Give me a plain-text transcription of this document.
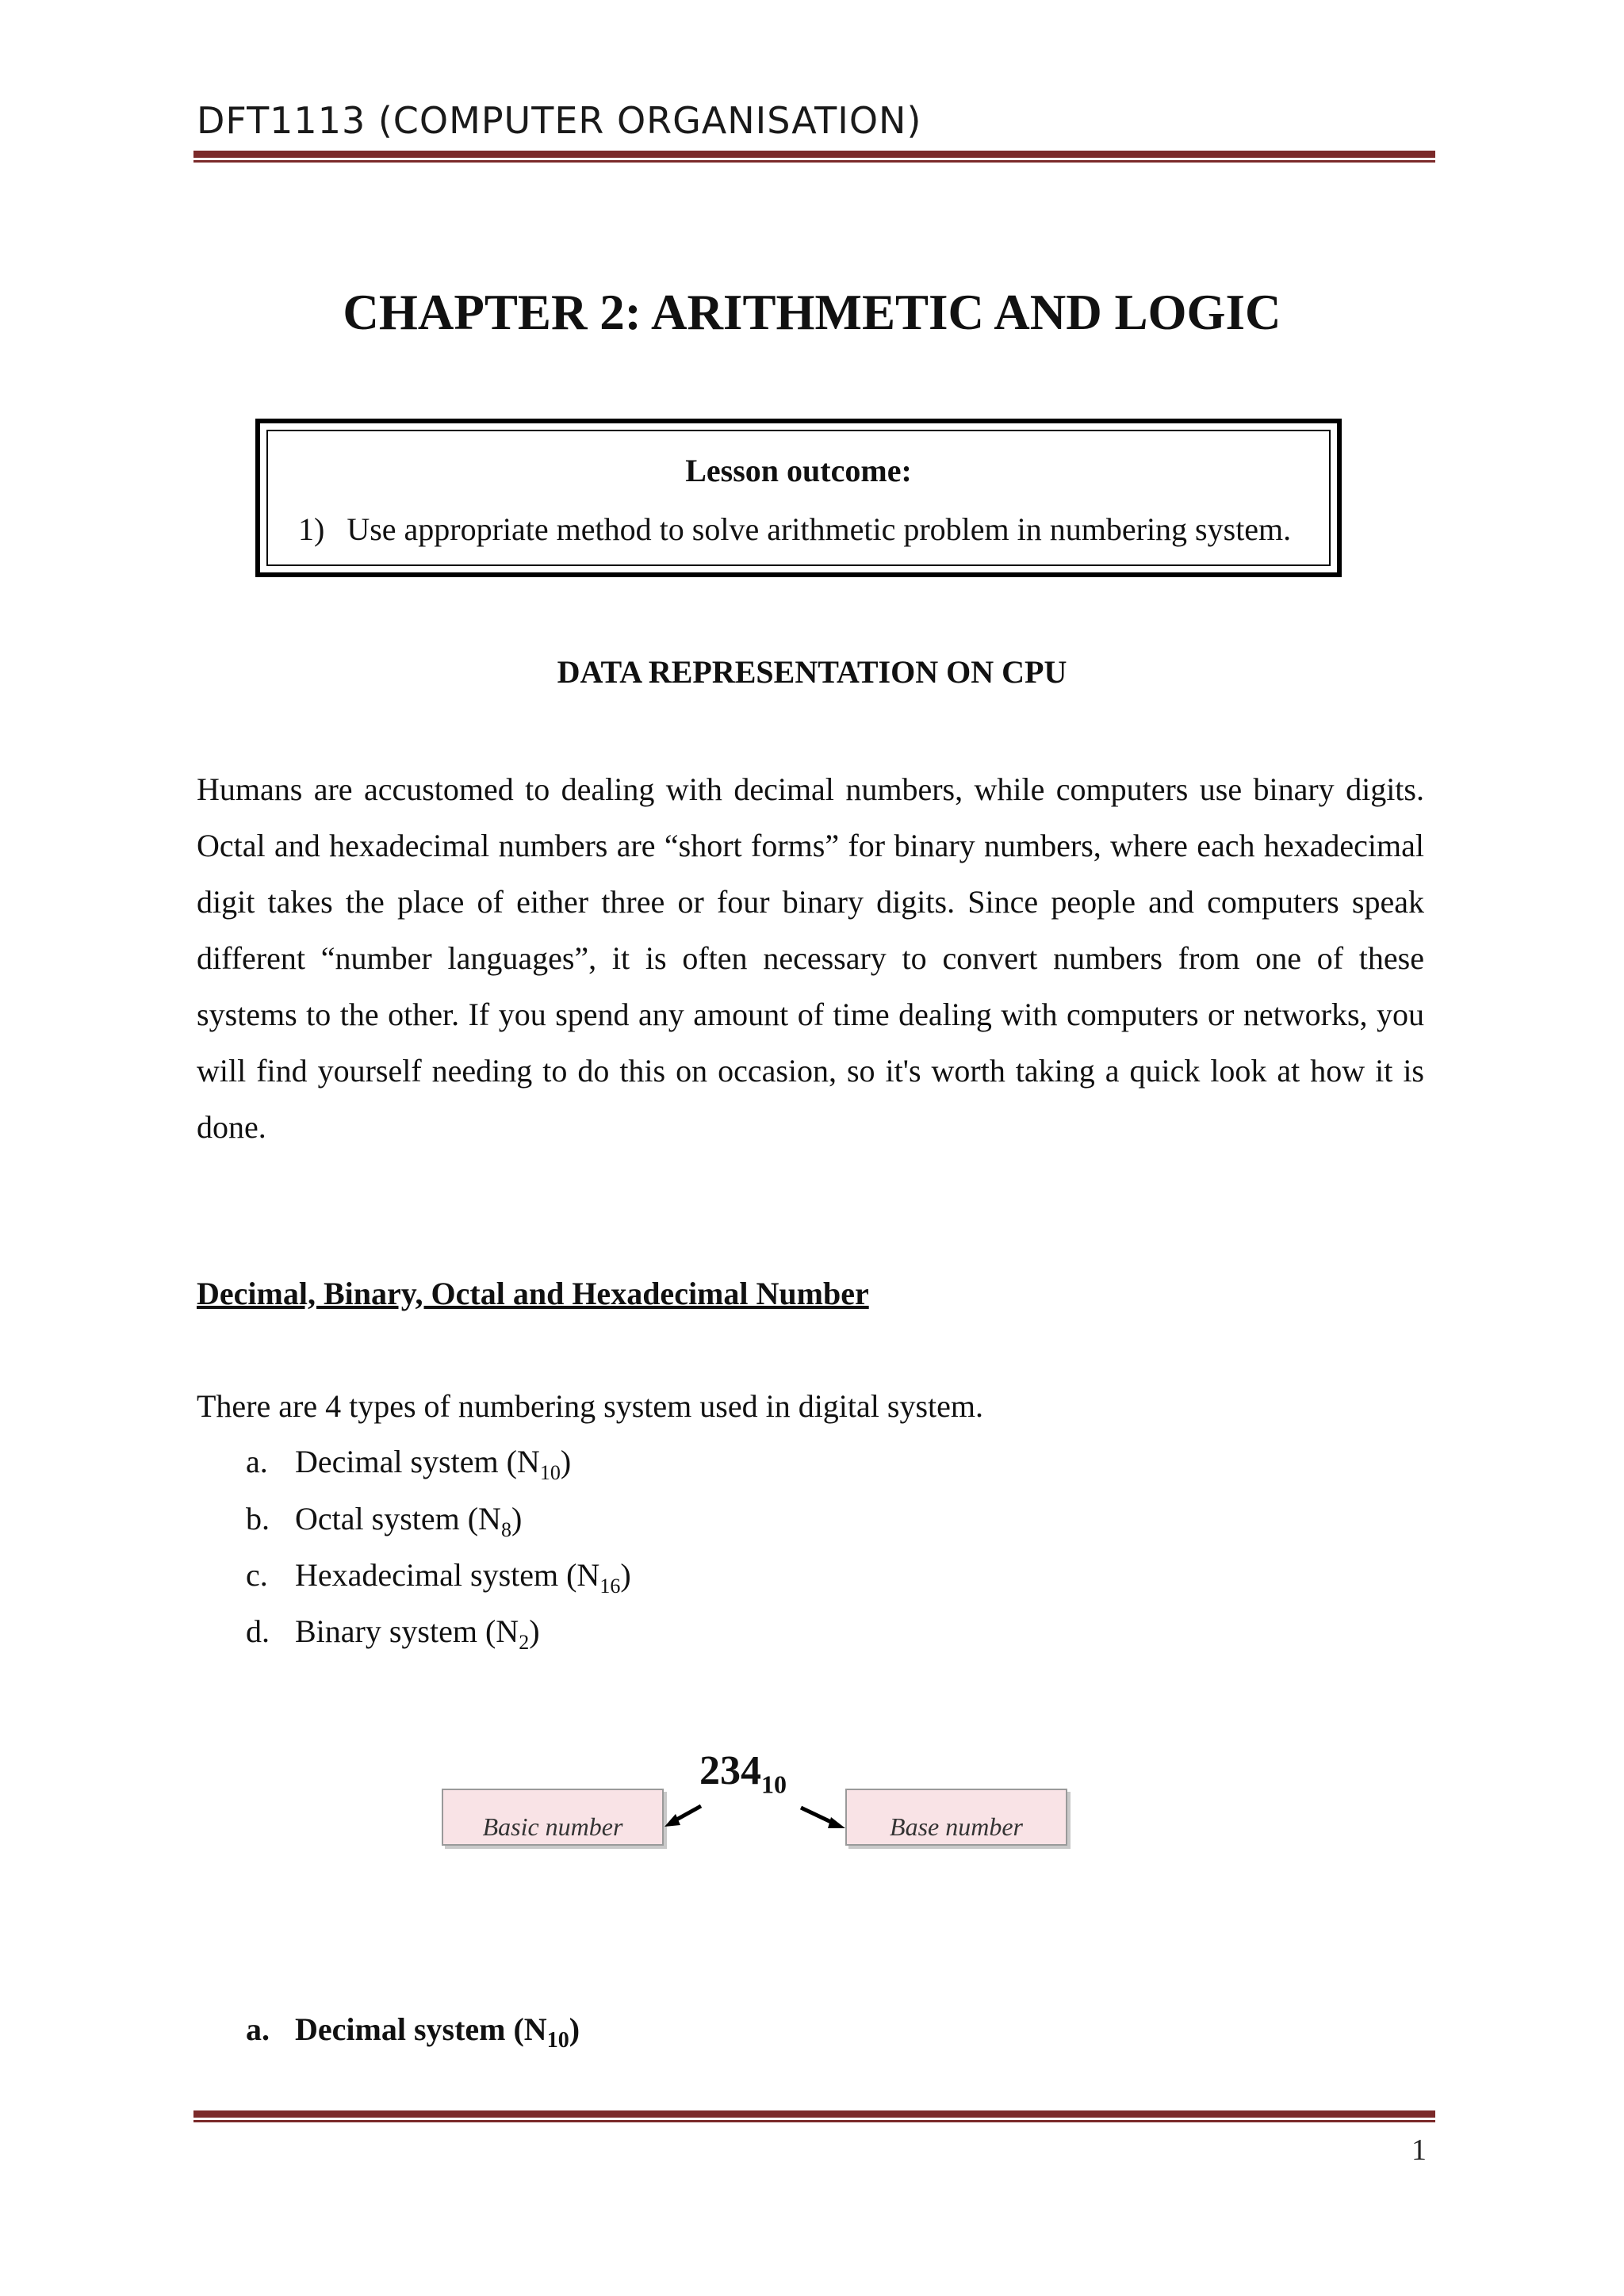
DFT1113 (COMPUTER ORGANISATION)
CHAPTER 2: ARITHMETIC AND LOGIC
Lesson outcome:
1) Use appropriate method to solve arithmetic problem in numbering system.
DATA REPRESENTATION ON CPU
Humans are accustomed to dealing with decimal numbers, while computers use binary digits. Octal and hexadecimal numbers are “short forms” for binary numbers, where each hexadecimal digit takes the place of either three or four binary digits. Since people and computers speak different “number languages”, it is often necessary to convert numbers from one of these systems to the other. If you spend any amount of time dealing with computers or networks, you will find yourself needing to do this on occasion, so it's worth taking a quick look at how it is done.
Decimal, Binary, Octal and Hexadecimal Number
There are 4 types of numbering system used in digital system.
a. Decimal system $(N_{10})$
b. Octal system $(N_8)$
c. Hexadecimal system $(N_{16})$
d. Binary system $(N_2)$
$234_{10}$
Basic number	Base number
a. Decimal system $(N_{10})$
1
